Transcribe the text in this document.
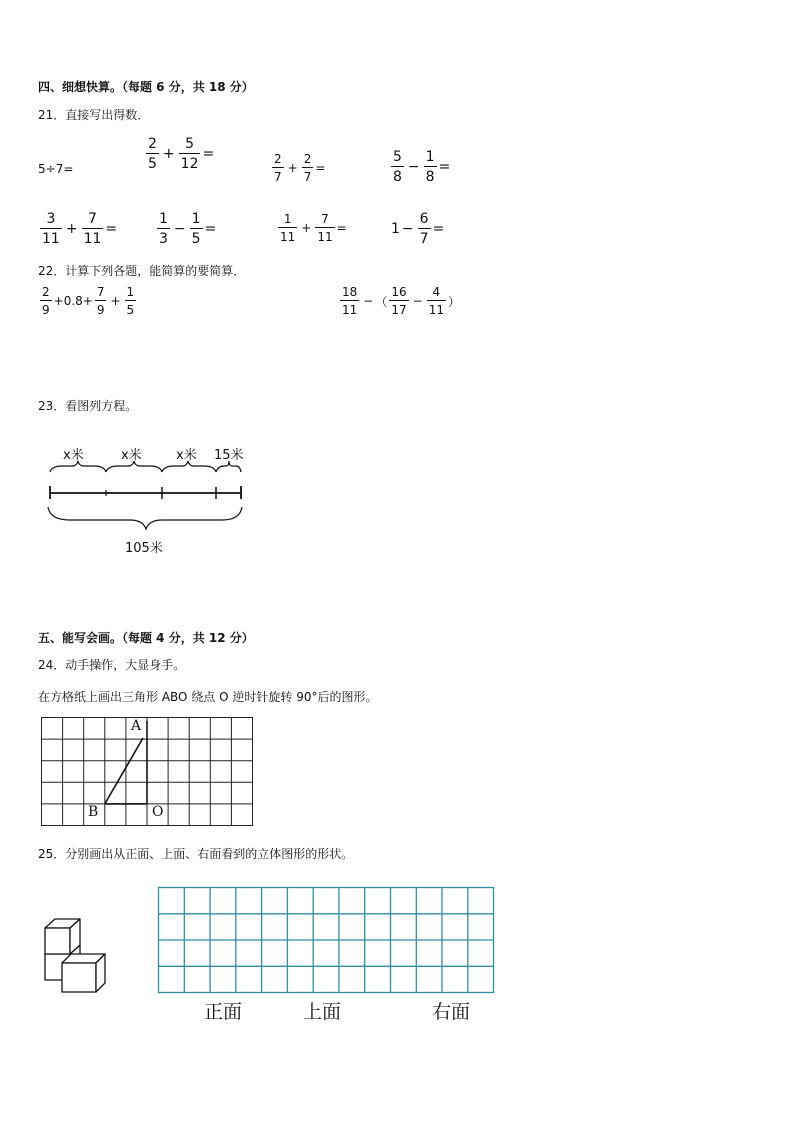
四、细想快算。（每题 6 分，共 18 分）
21．直接写出得数．
5÷7=	$\frac{2}{5} + \frac{5}{12}$ =	$\frac{2}{7} + \frac{2}{7}$ =	$\frac{5}{8} - \frac{1}{8}$ =
$\frac{3}{11} + \frac{7}{11}$ =	$\frac{1}{3} - \frac{1}{5}$ =	$\frac{1}{11} + \frac{7}{11}$ =	$1 - \frac{6}{7}$ =
22．计算下列各题，能简算的要简算．
$\frac{2}{9} +0.8+ \frac{7}{9} + \frac{1}{5}$	$\frac{18}{11}$ − （ $\frac{16}{17} - \frac{4}{11}$ ）
23．看图列方程。
x米	x米	x米 15米
105米
五、能写会画。（每题 4 分，共 12 分）
24．动手操作，大显身手。
在方格纸上画出三角形 ABO 绕点 O 逆时针旋转 90°后的图形。
A
B	O
25．分别画出从正面、上面、右面看到的立体图形的形状。
正面	上面	右面
